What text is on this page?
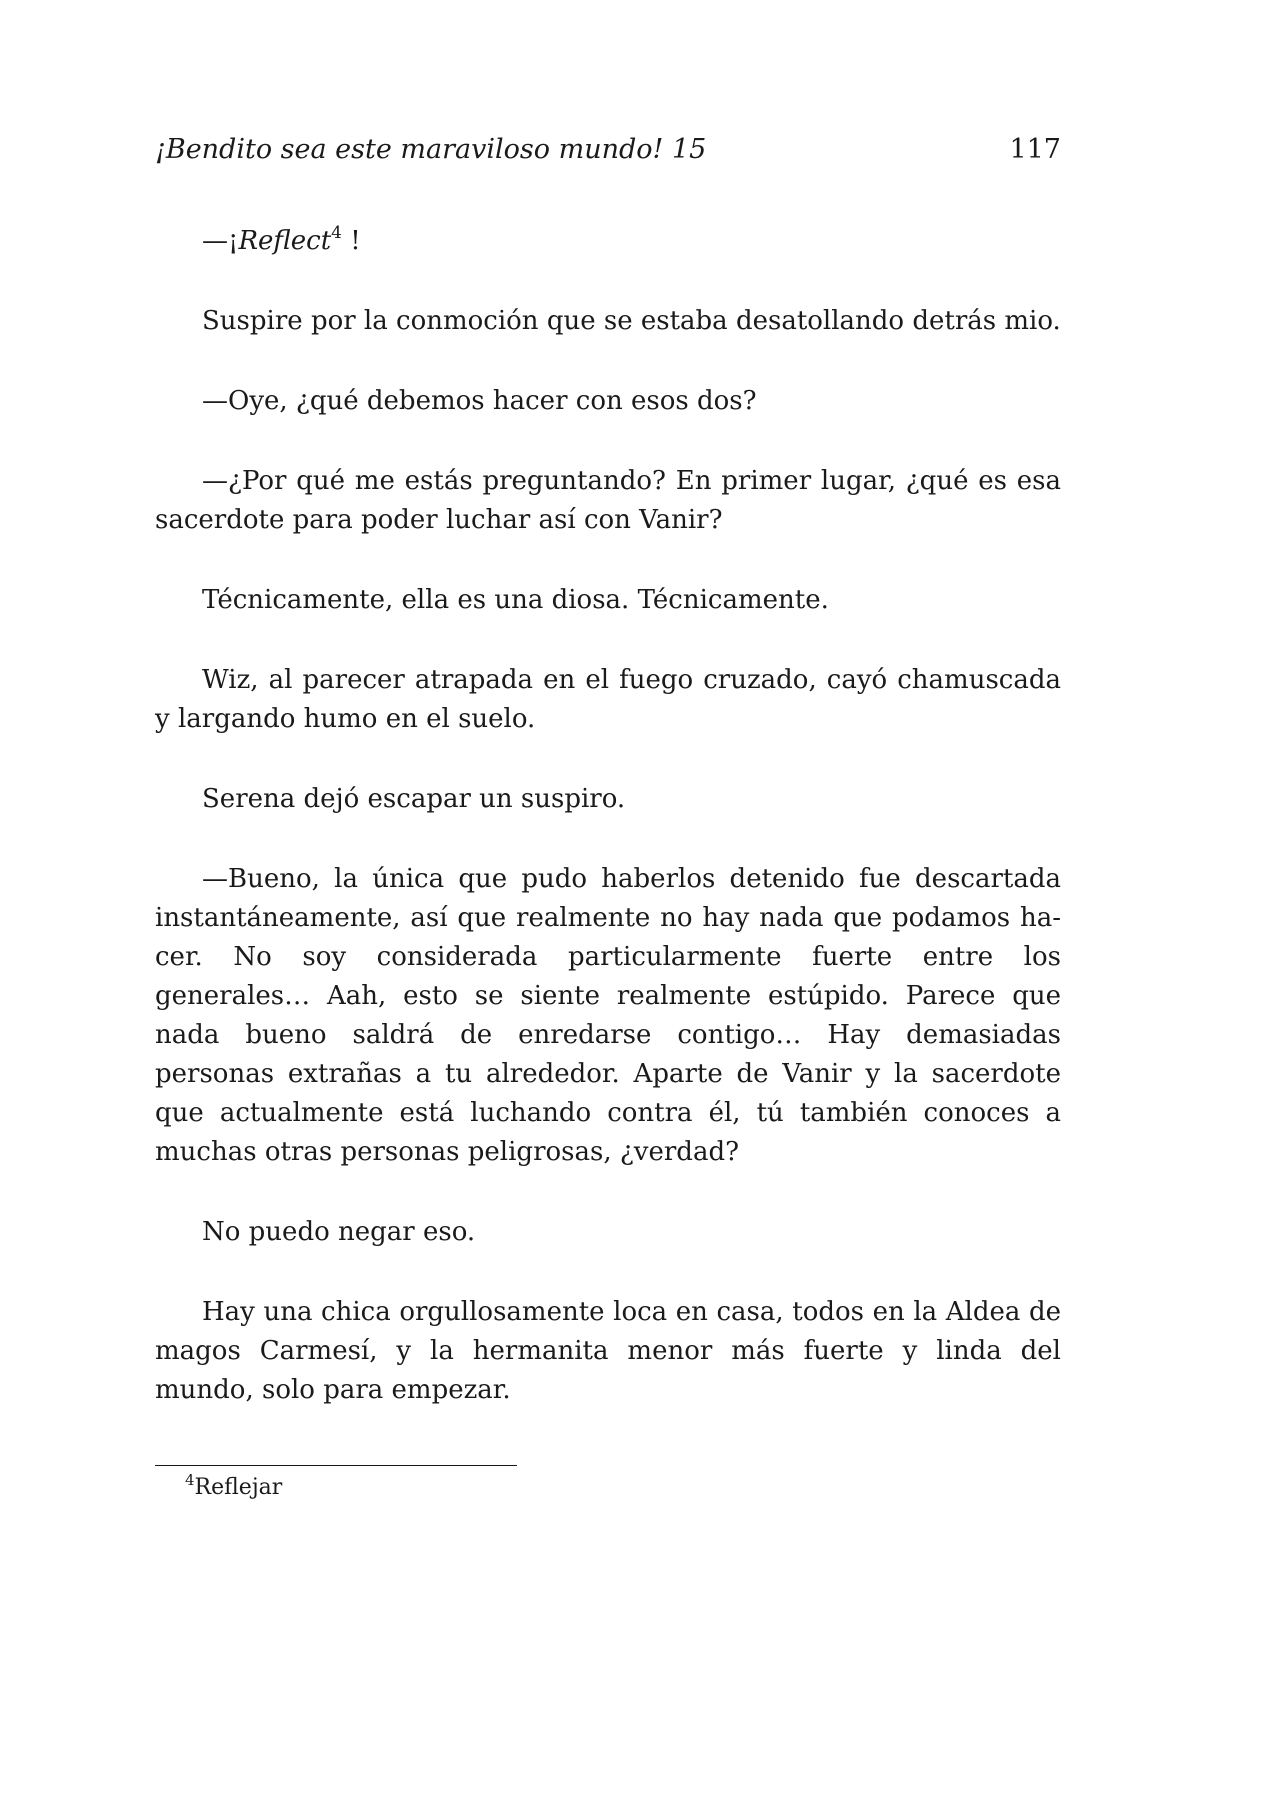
¡Bendito sea este maraviloso mundo! 15	117

—¡Reflect$^4$ !

Suspire por la conmoción que se estaba desatollando detrás mio.

—Oye, ¿qué debemos hacer con esos dos?

—¿Por qué me estás preguntando? En primer lugar, ¿qué es esa sacerdote para poder luchar así con Vanir?

Técnicamente, ella es una diosa. Técnicamente.

Wiz, al parecer atrapada en el fuego cruzado, cayó chamuscada y largando humo en el suelo.

Serena dejó escapar un suspiro.

—Bueno, la única que pudo haberlos detenido fue descartada instantáneamente, así que realmente no hay nada que podamos hacer. No soy considerada particularmente fuerte entre los generales… Aah, esto se siente realmente estúpido. Parece que nada bueno saldrá de enredarse contigo… Hay demasiadas personas extrañas a tu alrededor. Aparte de Vanir y la sacerdote que actualmente está luchando contra él, tú también conoces a muchas otras personas peligrosas, ¿verdad?

No puedo negar eso.

Hay una chica orgullosamente loca en casa, todos en la Aldea de magos Carmesí, y la hermanita menor más fuerte y linda del mundo, solo para empezar.

$^4$Reflejar
